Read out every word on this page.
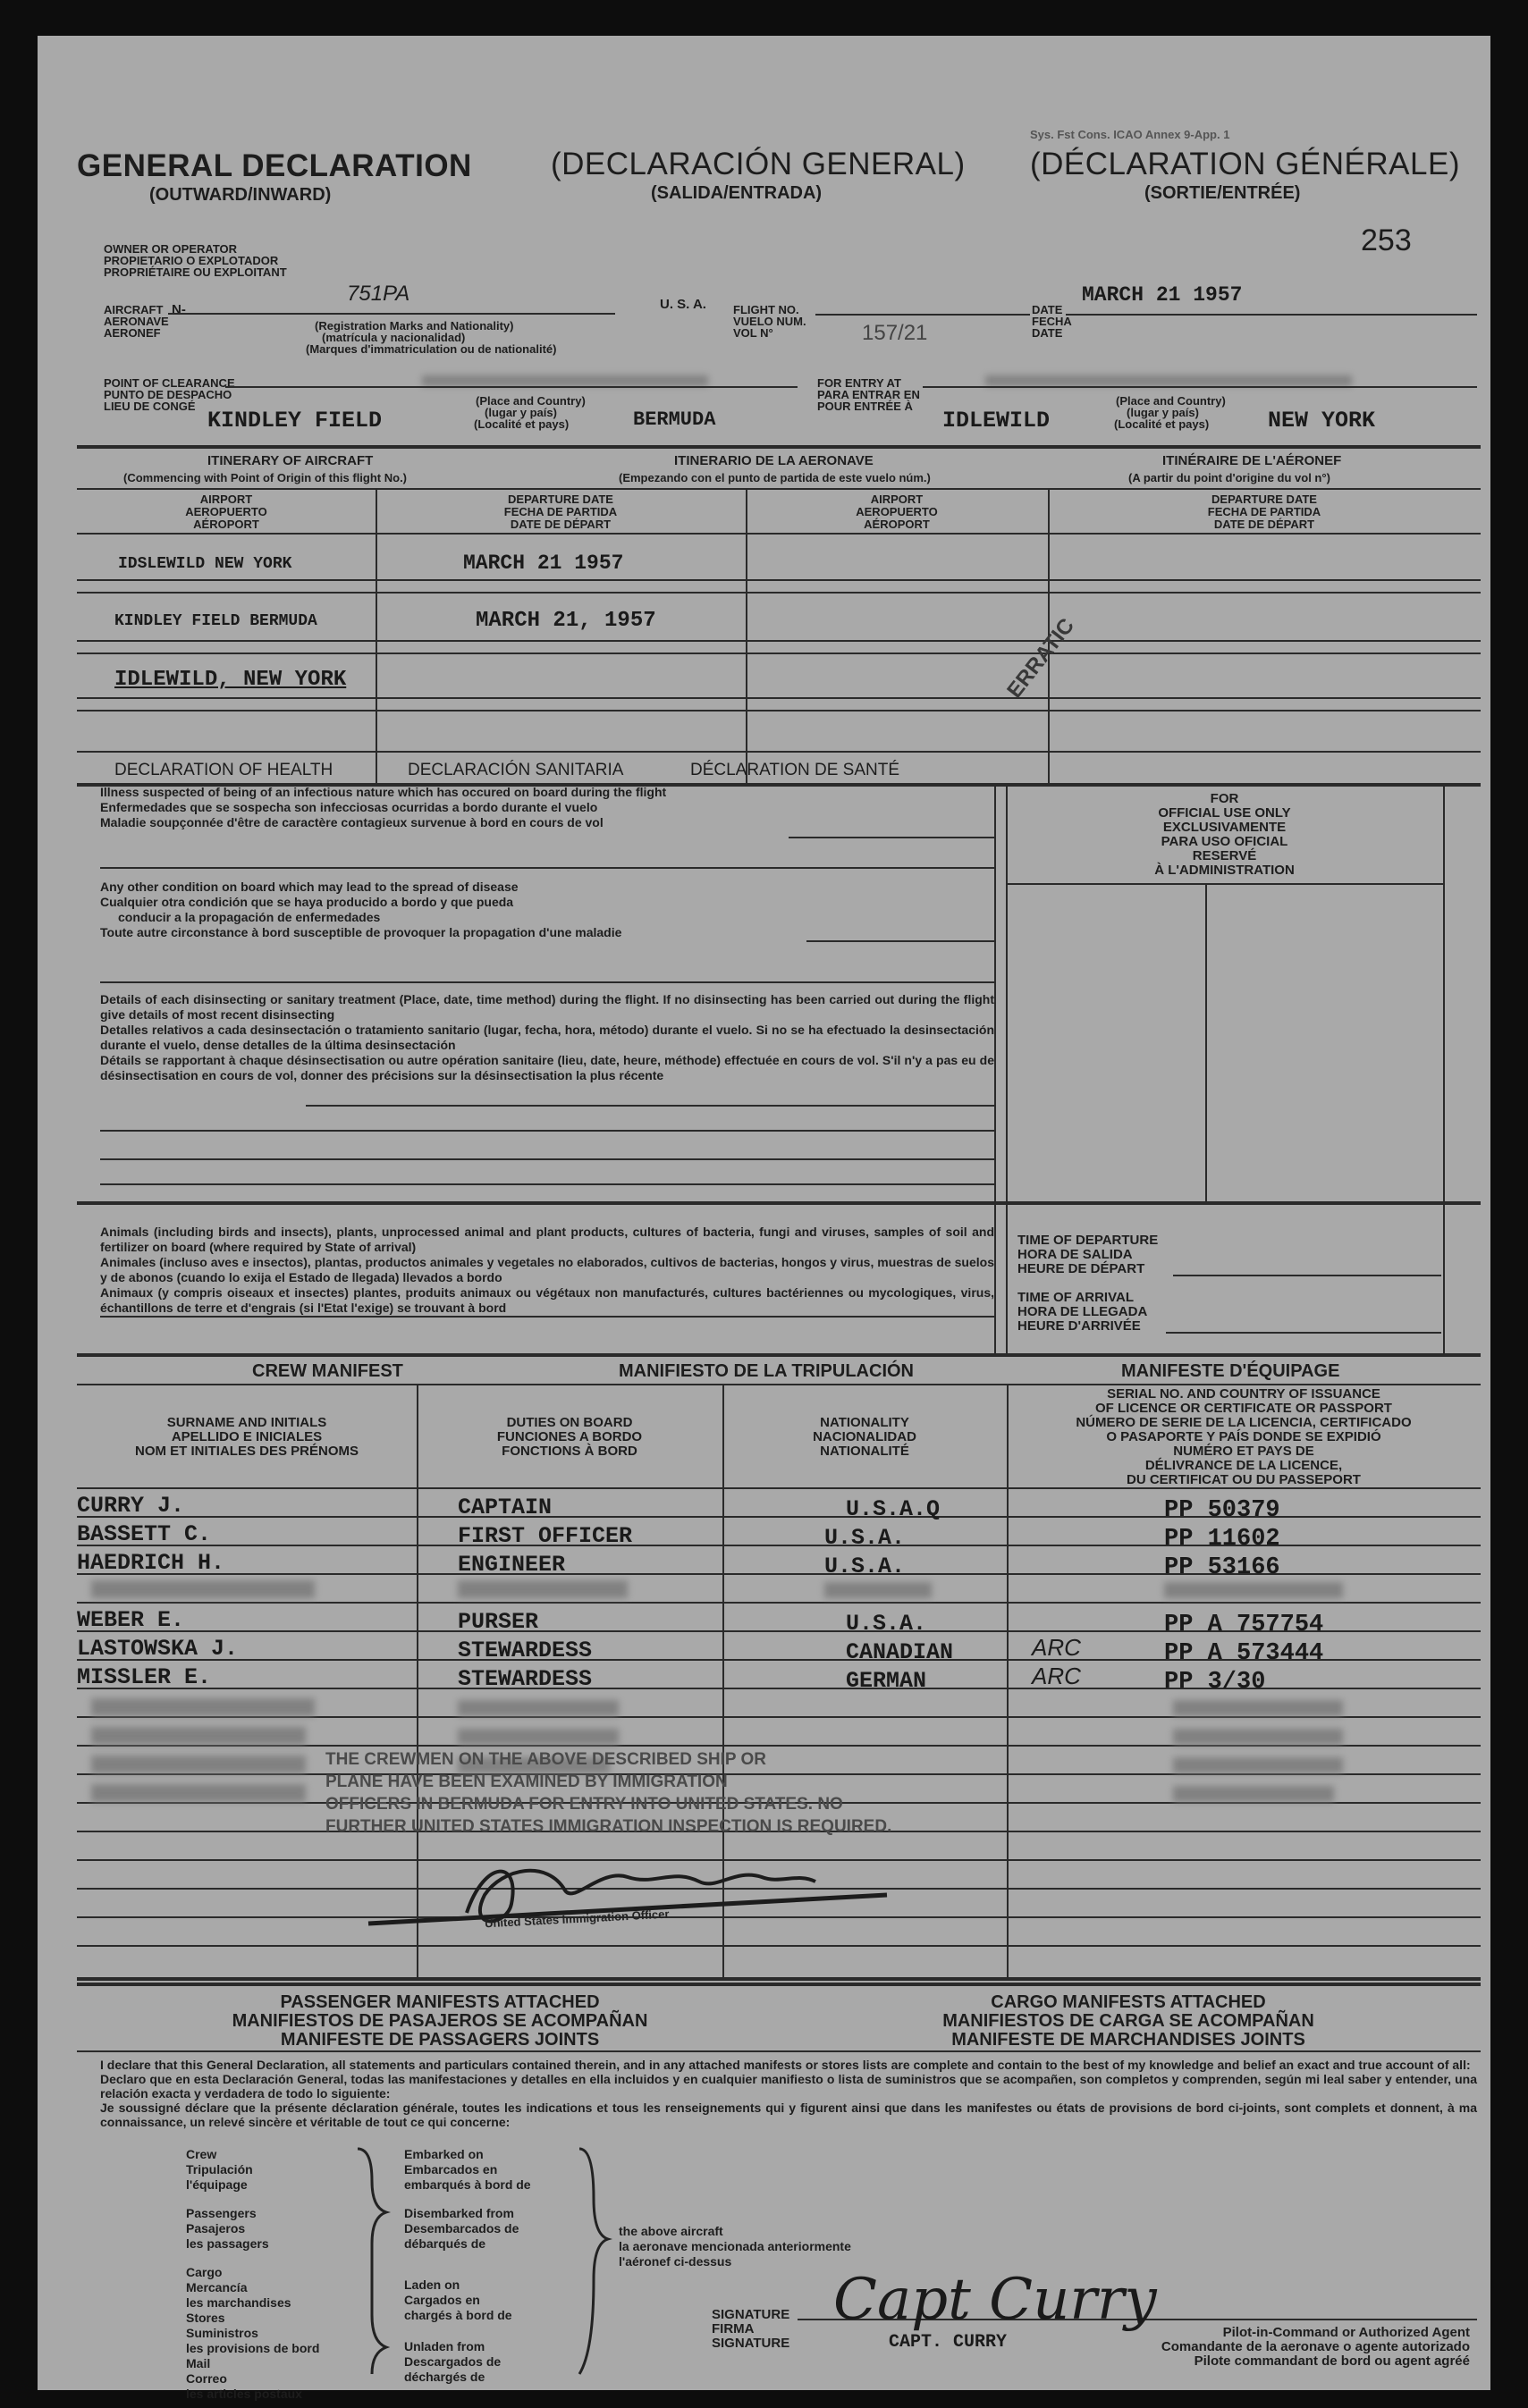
Sys. Fst Cons. ICAO Annex 9-App. 1
GENERAL DECLARATION
(OUTWARD/INWARD)
(DECLARACIÓN GENERAL)
(SALIDA/ENTRADA)
(DÉCLARATION GÉNÉRALE)
(SORTIE/ENTRÉE)
253
OWNER OR OPERATOR
PROPIETARIO O EXPLOTADOR
PROPRIÉTAIRE OU EXPLOITANT
AIRCRAFT
AERONAVE
AERONEF
N-
751PA	U. S. A.
(Registration Marks and Nationality)
(matrícula y nacionalidad)
(Marques d'immatriculation ou de nationalité)
FLIGHT NO.
VUELO NUM.
VOL N°	157/21
DATE
FECHA
DATE
MARCH 21 1957
POINT OF CLEARANCE
PUNTO DE DESPACHO
LIEU DE CONGÉ
KINDLEY FIELD	BERMUDA
(Place and Country)
(lugar y país)
(Localité et pays)
FOR ENTRY AT
PARA ENTRAR EN
POUR ENTRÉE À
IDLEWILD	NEW YORK
(Place and Country)
(lugar y país)
(Localité et pays)
ITINERARY OF AIRCRAFT
(Commencing with Point of Origin of this flight No.)
ITINERARIO DE LA AERONAVE
(Empezando con el punto de partida de este vuelo núm.)
ITINÉRAIRE DE L'AÉRONEF
(A partir du point d'origine du vol n°)
AIRPORT
AEROPUERTO
AÉROPORT
DEPARTURE DATE
FECHA DE PARTIDA
DATE DE DÉPART
AIRPORT
AEROPUERTO
AÉROPORT
DEPARTURE DATE
FECHA DE PARTIDA
DATE DE DÉPART
IDSLEWILD NEW YORK	MARCH 21 1957
KINDLEY FIELD BERMUDA	MARCH 21, 1957
IDLEWILD, NEW YORK	ERRATIC
DECLARATION OF HEALTH	DECLARACIÓN SANITARIA	DÉCLARATION DE SANTÉ
Illness suspected of being of an infectious nature which has occured on board during the flight
Enfermedades que se sospecha son infecciosas ocurridas a bordo durante el vuelo
Maladie soupçonnée d'être de caractère contagieux survenue à bord en cours de vol
Any other condition on board which may lead to the spread of disease
Cualquier otra condición que se haya producido a bordo y que pueda
conducir a la propagación de enfermedades
Toute autre circonstance à bord susceptible de provoquer la propagation d'une maladie
Details of each disinsecting or sanitary treatment (Place, date, time method) during the flight. If no disinsecting has been carried out during the flight give details of most recent disinsecting
Detalles relativos a cada desinsectación o tratamiento sanitario (lugar, fecha, hora, método) durante el vuelo. Si no se ha efectuado la desinsectación durante el vuelo, dense detalles de la última desinsectación
Détails se rapportant à chaque désinsectisation ou autre opération sanitaire (lieu, date, heure, méthode) effectuée en cours de vol. S'il n'y a pas eu de désinsectisation en cours de vol, donner des précisions sur la désinsectisation la plus récente
FOR
OFFICIAL USE ONLY
EXCLUSIVAMENTE
PARA USO OFICIAL
RESERVÉ
À L'ADMINISTRATION
Animals (including birds and insects), plants, unprocessed animal and plant products, cultures of bacteria, fungi and viruses, samples of soil and fertilizer on board (where required by State of arrival)
Animales (incluso aves e insectos), plantas, productos animales y vegetales no elaborados, cultivos de bacterias, hongos y virus, muestras de suelos y de abonos (cuando lo exija el Estado de llegada) llevados a bordo
Animaux (y compris oiseaux et insectes) plantes, produits animaux ou végétaux non manufacturés, cultures bactériennes ou mycologiques, virus, échantillons de terre et d'engrais (si l'Etat l'exige) se trouvant à bord
TIME OF DEPARTURE
HORA DE SALIDA
HEURE DE DÉPART
TIME OF ARRIVAL
HORA DE LLEGADA
HEURE D'ARRIVÉE
CREW MANIFEST	MANIFIESTO DE LA TRIPULACIÓN	MANIFESTE D'ÉQUIPAGE
SURNAME AND INITIALS
APELLIDO E INICIALES
NOM ET INITIALES DES PRÉNOMS
DUTIES ON BOARD
FUNCIONES A BORDO
FONCTIONS À BORD
NATIONALITY
NACIONALIDAD
NATIONALITÉ
SERIAL NO. AND COUNTRY OF ISSUANCE
OF LICENCE OR CERTIFICATE OR PASSPORT
NÚMERO DE SERIE DE LA LICENCIA, CERTIFICADO
O PASAPORTE Y PAÍS DONDE SE EXPIDIÓ
NUMÉRO ET PAYS DE
DÉLIVRANCE DE LA LICENCE,
DU CERTIFICAT OU DU PASSEPORT
CURRY J.	CAPTAIN	U.S.A.Q	PP 50379
BASSETT C.	FIRST OFFICER	U.S.A.	PP 11602
HAEDRICH H.	ENGINEER	U.S.A.	PP 53166
WEBER E.	PURSER	U.S.A.	PP A 757754
LASTOWSKA J.	STEWARDESS	CANADIAN	ARC	PP A 573444
MISSLER E.	STEWARDESS	GERMAN	ARC	PP 3/30
THE CREWMEN ON THE ABOVE DESCRIBED SHIP OR
PLANE HAVE BEEN EXAMINED BY IMMIGRATION
OFFICERS IN BERMUDA FOR ENTRY INTO UNITED STATES. NO
FURTHER UNITED STATES IMMIGRATION INSPECTION IS REQUIRED.
United States Immigration Officer
PASSENGER MANIFESTS ATTACHED
MANIFIESTOS DE PASAJEROS SE ACOMPAÑAN
MANIFESTE DE PASSAGERS JOINTS
CARGO MANIFESTS ATTACHED
MANIFIESTOS DE CARGA SE ACOMPAÑAN
MANIFESTE DE MARCHANDISES JOINTS
I declare that this General Declaration, all statements and particulars contained therein, and in any attached manifests or stores lists are complete and contain to the best of my knowledge and belief an exact and true account of all:
Declaro que en esta Declaración General, todas las manifestaciones y detalles en ella incluidos y en cualquier manifiesto o lista de suministros que se acompañen, son completos y comprenden, según mi leal saber y entender, una relación exacta y verdadera de todo lo siguiente:
Je soussigné déclare que la présente déclaration générale, toutes les indications et tous les renseignements qui y figurent ainsi que dans les manifestes ou états de provisions de bord ci-joints, sont complets et donnent, à ma connaissance, un relevé sincère et véritable de tout ce qui concerne:
Crew
Tripulación
l'équipage
Passengers
Pasajeros
les passagers
Cargo
Mercancía
les marchandises
Stores
Suministros
les provisions de bord
Mail
Correo
les articles postaux
Embarked on
Embarcados en
embarqués à bord de
Disembarked from
Desembarcados de
débarqués de
Laden on
Cargados en
chargés à bord de
Unladen from
Descargados de
déchargés de
the above aircraft
la aeronave mencionada anteriormente
l'aéronef ci-dessus
SIGNATURE
FIRMA
SIGNATURE
Capt Curry
CAPT. CURRY	Pilot-in-Command or Authorized Agent
Comandante de la aeronave o agente autorizado
Pilote commandant de bord ou agent agréé
